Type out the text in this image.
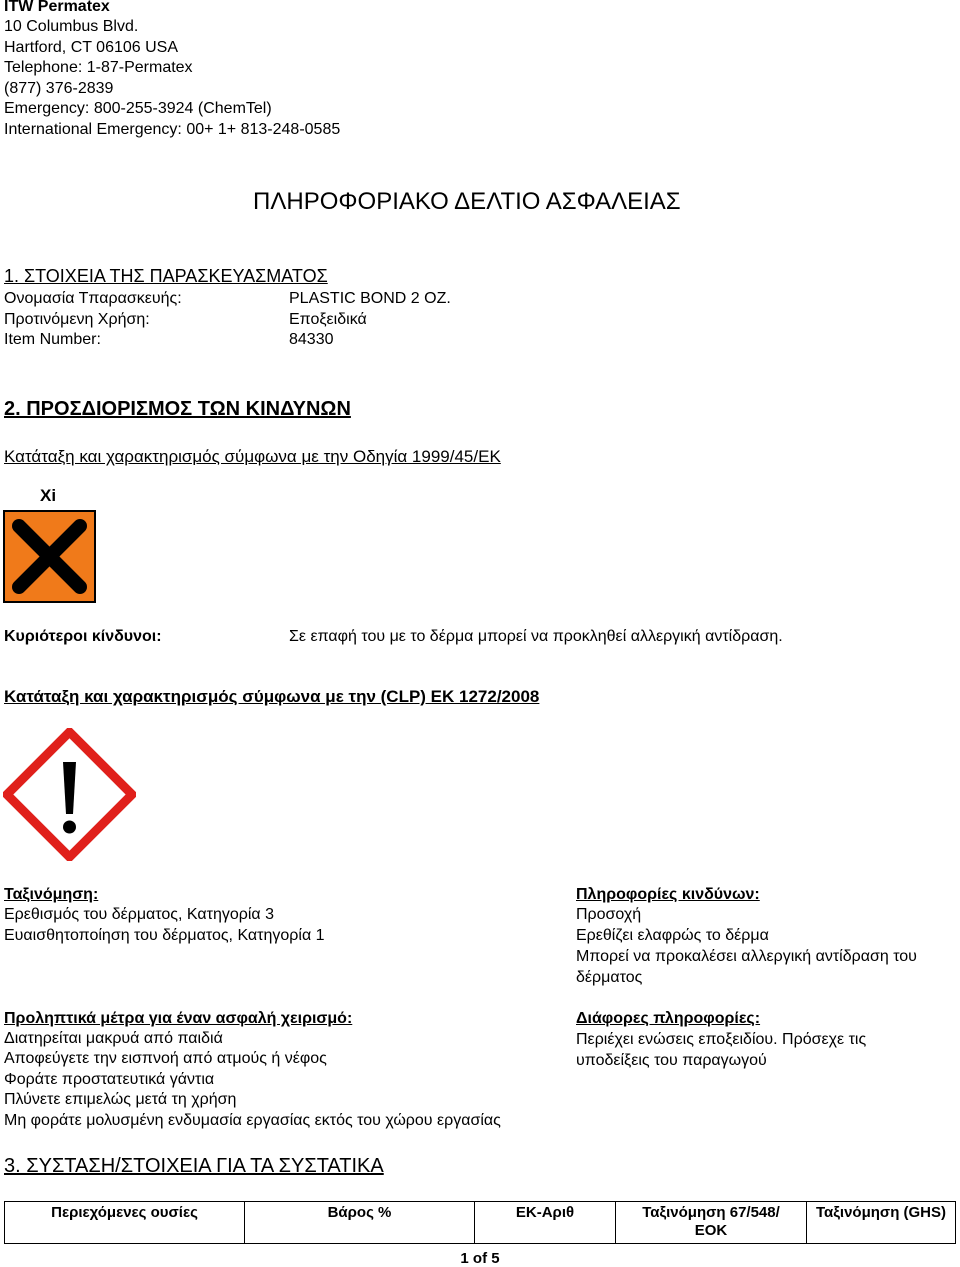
ITW Permatex
10 Columbus Blvd.
Hartford, CT 06106 USA
Telephone: 1-87-Permatex
(877) 376-2839
Emergency: 800-255-3924 (ChemTel)
International Emergency: 00+ 1+ 813-248-0585
ΠΛΗΡΟΦΟΡΙΑΚΟ ΔΕΛΤΙΟ ΑΣΦΑΛΕΙΑΣ
1. ΣΤΟΙΧΕΙΑ ΤΗΣ ΠΑΡΑΣΚΕΥΑΣΜΑΤΟΣ
Ονομασία Τπαρασκευής:	PLASTIC BOND 2 OZ.
Προτινόμενη Χρήση:	Εποξειδικά
Item Number:	84330
2. ΠΡΟΣΔΙΟΡΙΣΜΟΣ ΤΩΝ ΚΙΝΔΥΝΩΝ
Κατάταξη και χαρακτηρισμός σύμφωνα με την Οδηγία 1999/45/ΕΚ
Xi
Κυριότεροι κίνδυνοι:	Σε επαφή του με το δέρμα μπορεί να προκληθεί αλλεργική αντίδραση.
Κατάταξη και χαρακτηρισμός σύμφωνα με την (CLP) ΕΚ 1272/2008
Ταξινόμηση:
Ερεθισμός του δέρματος, Κατηγορία 3
Ευαισθητοποίηση του δέρματος, Κατηγορία 1
Πληροφορίες κινδύνων:
Προσοχή
Ερεθίζει ελαφρώς το δέρμα
Μπορεί να προκαλέσει αλλεργική αντίδραση του δέρματος
Προληπτικά μέτρα για έναν ασφαλή χειρισμό:
Διατηρείται μακρυά από παιδιά
Αποφεύγετε την εισπνοή από ατμούς ή νέφος
Φοράτε προστατευτικά γάντια
Πλύνετε επιμελώς μετά τη χρήση
Μη φοράτε μολυσμένη ενδυμασία εργασίας εκτός του χώρου εργασίας
Διάφορες πληροφορίες:
Περιέχει ενώσεις εποξειδίου. Πρόσεχε τις υποδείξεις του παραγωγού
3. ΣΥΣΤΑΣΗ/ΣΤΟΙΧΕΙΑ ΓΙΑ ΤΑ ΣΥΣΤΑΤΙΚΑ
Περιεχόμενες ουσίες	Βάρος %	ΕΚ-Αριθ	Ταξινόμηση 67/548/ΕΟΚ	Ταξινόμηση (GHS)
1 of 5
